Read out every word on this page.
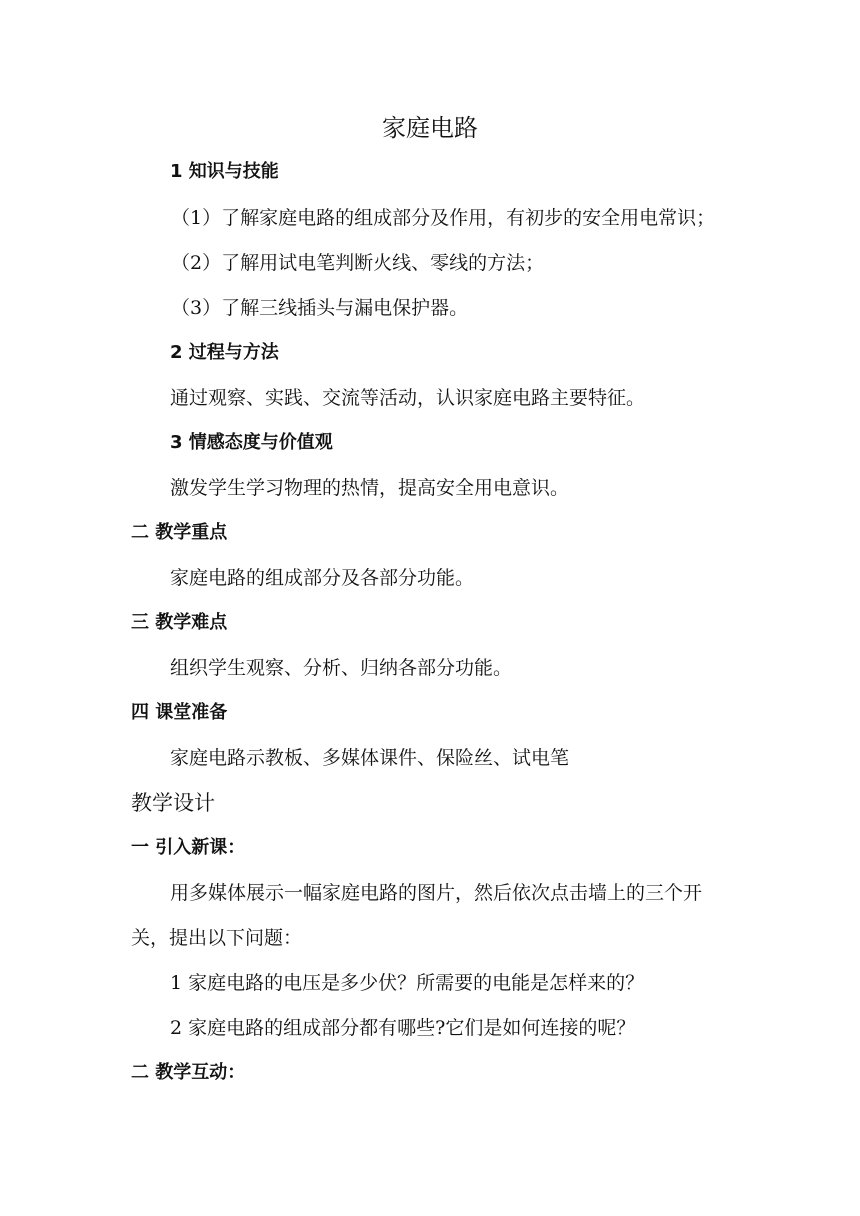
家庭电路
1 知识与技能
（1）了解家庭电路的组成部分及作用，有初步的安全用电常识；
（2）了解用试电笔判断火线、零线的方法；
（3）了解三线插头与漏电保护器。
2 过程与方法
通过观察、实践、交流等活动，认识家庭电路主要特征。
3 情感态度与价值观
激发学生学习物理的热情，提高安全用电意识。
二 教学重点
家庭电路的组成部分及各部分功能。
三 教学难点
组织学生观察、分析、归纳各部分功能。
四 课堂准备
家庭电路示教板、多媒体课件、保险丝、试电笔
教学设计
一 引入新课：
用多媒体展示一幅家庭电路的图片，然后依次点击墙上的三个开
关，提出以下问题：
1 家庭电路的电压是多少伏？所需要的电能是怎样来的？
2 家庭电路的组成部分都有哪些?它们是如何连接的呢？
二 教学互动：
